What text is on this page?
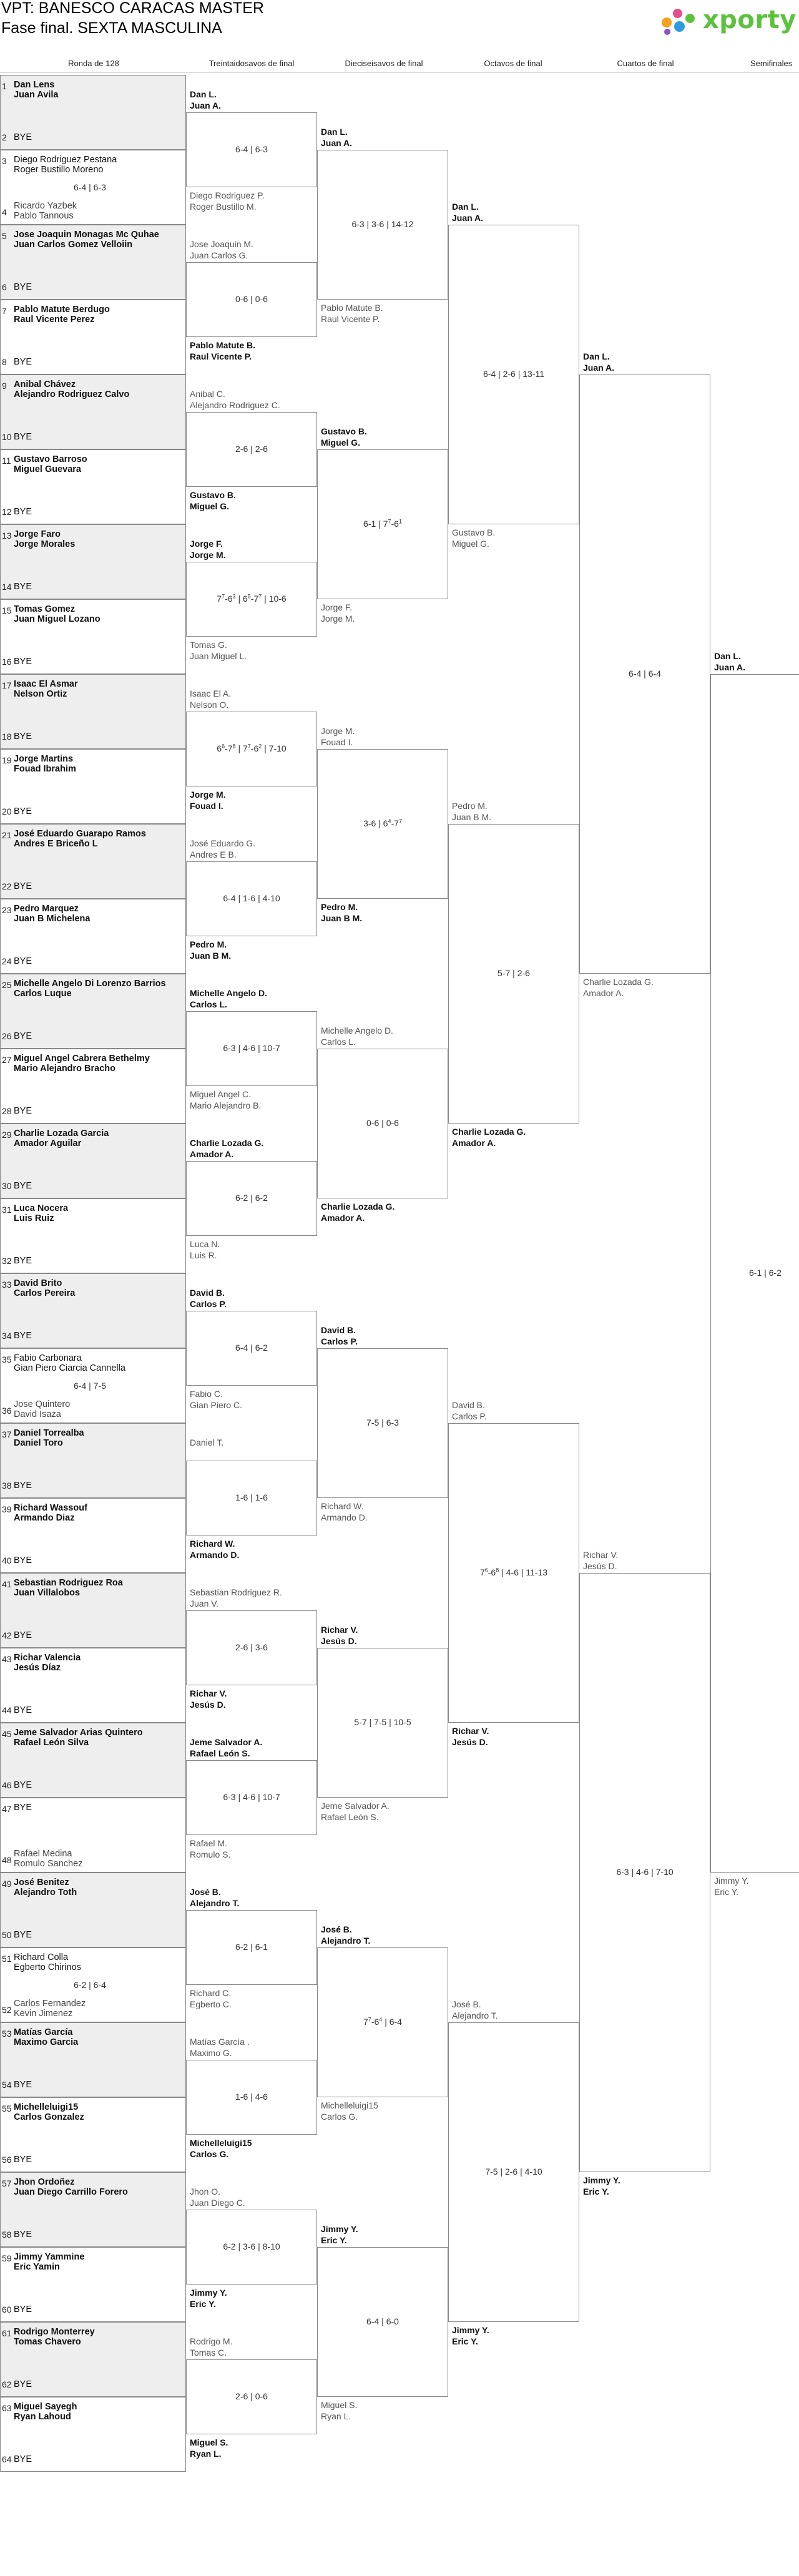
VPT: BANESCO CARACAS MASTER
Fase final. SEXTA MASCULINA	xporty
Ronda de 128	Treintaidosavos de final	Dieciseisavos de final	Octavos de final	Cuartos de final	Semifinales
1 Dan Lens
Juan Avila
2 BYE
3 Diego Rodriguez Pestana
Roger Bustillo Moreno
6-4 | 6-3
4
Ricardo Yazbek
Pablo Tannous
5 Jose Joaquin Monagas Mc Quhae
Juan Carlos Gomez Velloiin
6 BYE
7 Pablo Matute Berdugo
Raul Vicente Perez
8 BYE
9 Anibal Chávez
Alejandro Rodriguez Calvo
10 BYE
11 Gustavo Barroso
Miguel Guevara
12 BYE
13 Jorge Faro
Jorge Morales
14 BYE
15 Tomas Gomez
Juan Miguel Lozano
16 BYE
17 Isaac El Asmar
Nelson Ortiz
18 BYE
19 Jorge Martins
Fouad Ibrahim
20 BYE
21 José Eduardo Guarapo Ramos
Andres E Briceño L
22 BYE
23 Pedro Marquez
Juan B Michelena
24 BYE
25 Michelle Angelo Di Lorenzo Barrios
Carlos Luque
26 BYE
27 Miguel Angel Cabrera Bethelmy
Mario Alejandro Bracho
28 BYE
29 Charlie Lozada Garcia
Amador Aguilar
30 BYE
31 Luca Nocera
Luis Ruiz
32 BYE
33 David Brito
Carlos Pereira
34 BYE
35 Fabio Carbonara
Gian Piero Ciarcia Cannella
6-4 | 7-5
36
Jose Quintero
David Isaza
37 Daniel Torrealba
Daniel Toro
38 BYE
39 Richard Wassouf
Armando Diaz
40 BYE
41 Sebastian Rodriguez Roa
Juan Villalobos
42 BYE
43 Richar Valencia
Jesús Díaz
44 BYE
45 Jeme Salvador Arias Quintero
Rafael León Silva
46 BYE
47 BYE
48
Rafael Medina
Romulo Sanchez
49 José Benitez
Alejandro Toth
50 BYE
51 Richard Colla
Egberto Chirinos
6-2 | 6-4
52
Carlos Fernandez
Kevin Jimenez
53 Matías García
Maximo Garcia
54 BYE
55 Michelleluigi15
Carlos Gonzalez
56 BYE
57 Jhon Ordoñez
Juan Diego Carrillo Forero
58 BYE
59 Jimmy Yammine
Eric Yamin
60 BYE
61 Rodrigo Monterrey
Tomas Chavero
62 BYE
63 Miguel Sayegh
Ryan Lahoud
64 BYE
Dan L.
Juan A.
6-4 | 6-3
Diego Rodriguez P.
Roger Bustillo M.
Jose Joaquin M.
Juan Carlos G.
0-6 | 0-6
Pablo Matute B.
Raul Vicente P.
Anibal C.
Alejandro Rodriguez C.
2-6 | 2-6
Gustavo B.
Miguel G.
Jorge F.
Jorge M.
$7^7-6^3$ | $6^5-7^7$ | 10-6
Tomas G.
Juan Miguel L.
Isaac El A.
Nelson O.
$6^6-7^8$ | $7^7-6^2$ | 7-10
Jorge M.
Fouad I.
José Eduardo G.
Andres E B.
6-4 | 1-6 | 4-10
Pedro M.
Juan B M.
Michelle Angelo D.
Carlos L.
6-3 | 4-6 | 10-7
Miguel Angel C.
Mario Alejandro B.
Charlie Lozada G.
Amador A.
6-2 | 6-2
Luca N.
Luis R.
David B.
Carlos P.
6-4 | 6-2
Fabio C.
Gian Piero C.
Daniel T.
1-6 | 1-6
Richard W.
Armando D.
Sebastian Rodriguez R.
Juan V.
2-6 | 3-6
Richar V.
Jesús D.
Jeme Salvador A.
Rafael León S.
6-3 | 4-6 | 10-7
Rafael M.
Romulo S.
José B.
Alejandro T.
6-2 | 6-1
Richard C.
Egberto C.
Matías García .
Maximo G.
1-6 | 4-6
Michelleluigi15
Carlos G.
Jhon O.
Juan Diego C.
6-2 | 3-6 | 8-10
Jimmy Y.
Eric Y.
Rodrigo M.
Tomas C.
2-6 | 0-6
Miguel S.
Ryan L.
Dan L.
Juan A.
6-3 | 3-6 | 14-12
Pablo Matute B.
Raul Vicente P.
Gustavo B.
Miguel G.
6-1 | $7^7-6^1$
Jorge F.
Jorge M.
Jorge M.
Fouad I.
3-6 | $6^4-7^7$
Pedro M.
Juan B M.
Michelle Angelo D.
Carlos L.
0-6 | 0-6
Charlie Lozada G.
Amador A.
David B.
Carlos P.
7-5 | 6-3
Richard W.
Armando D.
Richar V.
Jesús D.
5-7 | 7-5 | 10-5
Jeme Salvador A.
Rafael León S.
José B.
Alejandro T.
$7^7-6^4$ | 6-4
Michelleluigi15
Carlos G.
Jimmy Y.
Eric Y.
6-4 | 6-0
Miguel S.
Ryan L.
Dan L.
Juan A.
6-4 | 2-6 | 13-11
Gustavo B.
Miguel G.
Pedro M.
Juan B M.
5-7 | 2-6
Charlie Lozada G.
Amador A.
David B.
Carlos P.
$7^6-6^8$ | 4-6 | 11-13
Richar V.
Jesús D.
José B.
Alejandro T.
7-5 | 2-6 | 4-10
Jimmy Y.
Eric Y.
Dan L.
Juan A.
6-4 | 6-4
Charlie Lozada G.
Amador A.
Richar V.
Jesús D.
6-3 | 4-6 | 7-10
Jimmy Y.
Eric Y.
Dan L.
Juan A.
6-1 | 6-2
Jimmy Y.
Eric Y.
